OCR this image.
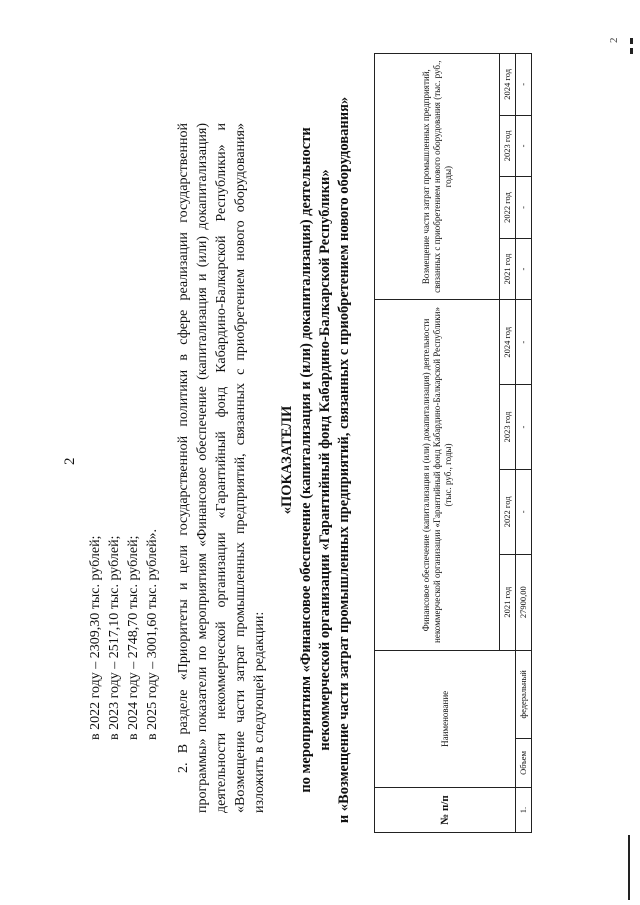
2
2
в 2022 году – 2309,30 тыс. рублей; в 2023 году – 2517,10 тыс. рублей; в 2024 году – 2748,70 тыс. рублей; в 2025 году – 3001,60 тыс. рублей». 2. В разделе «Приоритеты и цели государственной политики в сфере реализации государственной программы» показатели по мероприятиям «Финансовое обеспечение (капитализация и (или) докапитализация) деятельности некоммерческой организации «Гарантийный фонд Кабардино-Балкарской Республики» и «Возмещение части затрат промышленных предприятий, связанных с приобретением нового оборудования» изложить в следующей редакции:
«ПОКАЗАТЕЛИ по мероприятиям «Финансовое обеспечение (капитализация и (или) докапитализация) деятельности некоммерческой организации «Гарантийный фонд Кабардино-Балкарской Республики» и «Возмещение части затрат промышленных предприятий, связанных с приобретением нового оборудования»	№ п/п	Наименование		Финансовое обеспечение (капитализация и (или) докапитализация) деятельности некоммерческой организации «Гарантийный фонд Кабардино-Балкарской Республики» (тыс. руб., годы)				Возмещение части затрат промышленных предприятий, связанных с приобретением нового оборудования (тыс. руб., годы)			
			2021 год	2022 год	2023 год	2024 год	2021 год	2022 год	2023 год	2024 год
1.	Объем	федеральный	27900,00	-	-	-	-	-	-	-
